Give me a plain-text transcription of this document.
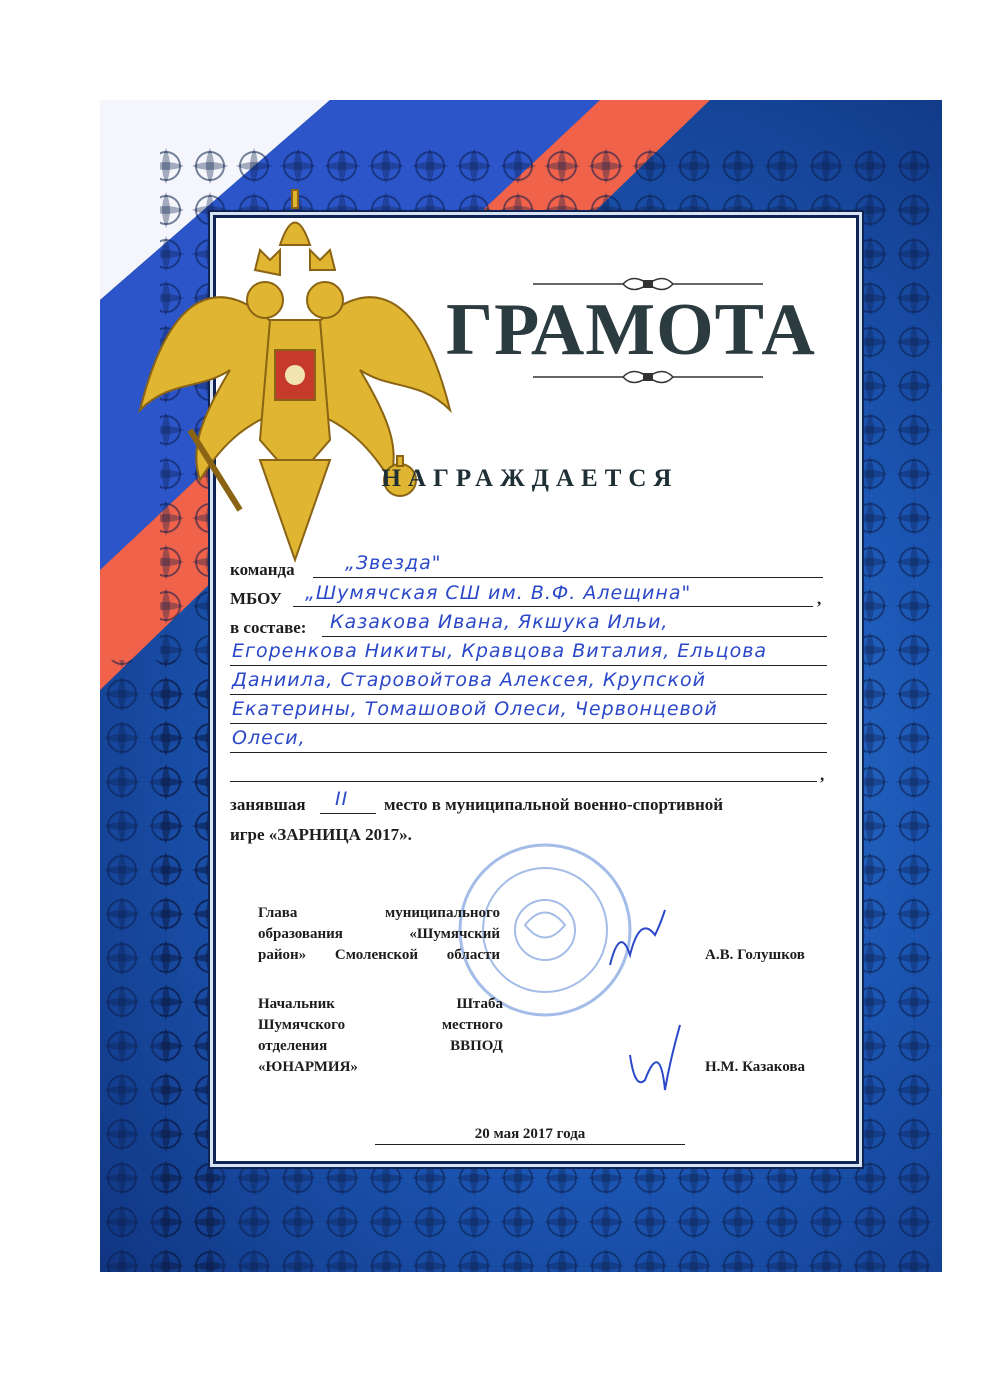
ГРАМОТА
НАГРАЖДАЕТСЯ
команда	„Звезда"
МБОУ „Шумячская СШ им. В.Ф. Алещина"	,
в составе: Казакова Ивана, Якшука Ильи,
Егоренкова Никиты, Кравцова Виталия, Ельцова
Даниила, Старовойтова Алексея, Крупской
Екатерины, Томашовой Олеси, Червонцевой
Олеси,
,
занявшая II место в муниципальной военно-спортивной
игре «ЗАРНИЦА 2017».
Глава муниципального
образования «Шумячский
район» Смоленской области	А.В. Голушков
Начальник Штаба
Шумячского местного
отделения ВВПОД
«ЮНАРМИЯ»	Н.М. Казакова
20 мая 2017 года
